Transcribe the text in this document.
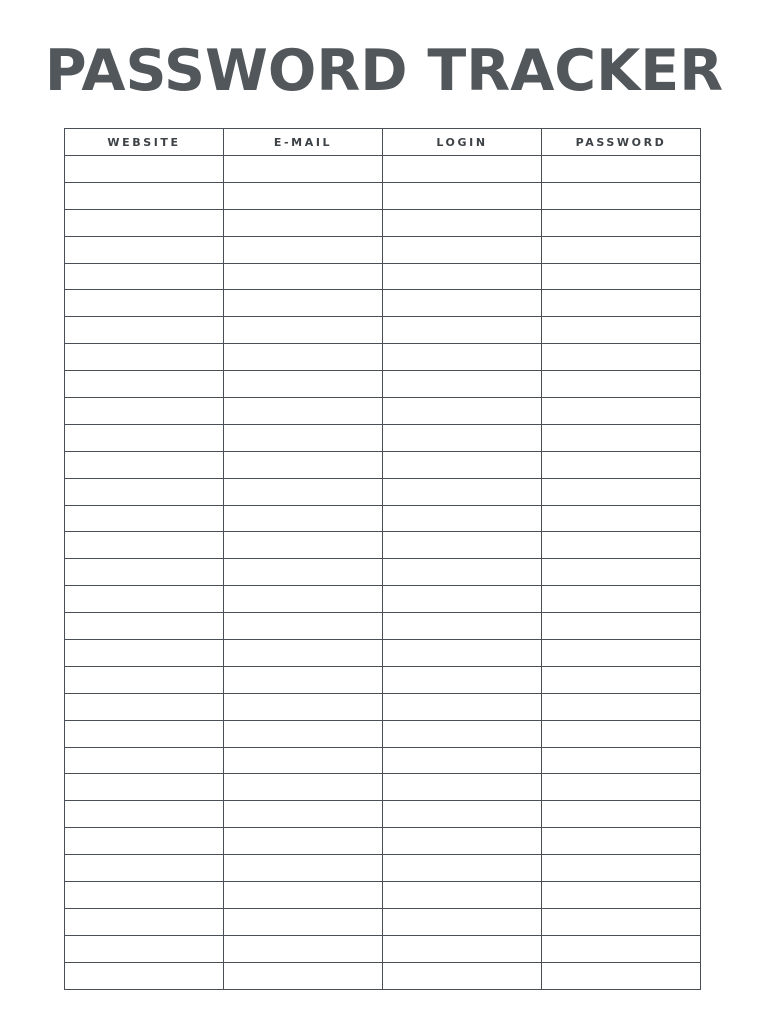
PASSWORD TRACKER
WEBSITE	E-MAIL	LOGIN	PASSWORD
